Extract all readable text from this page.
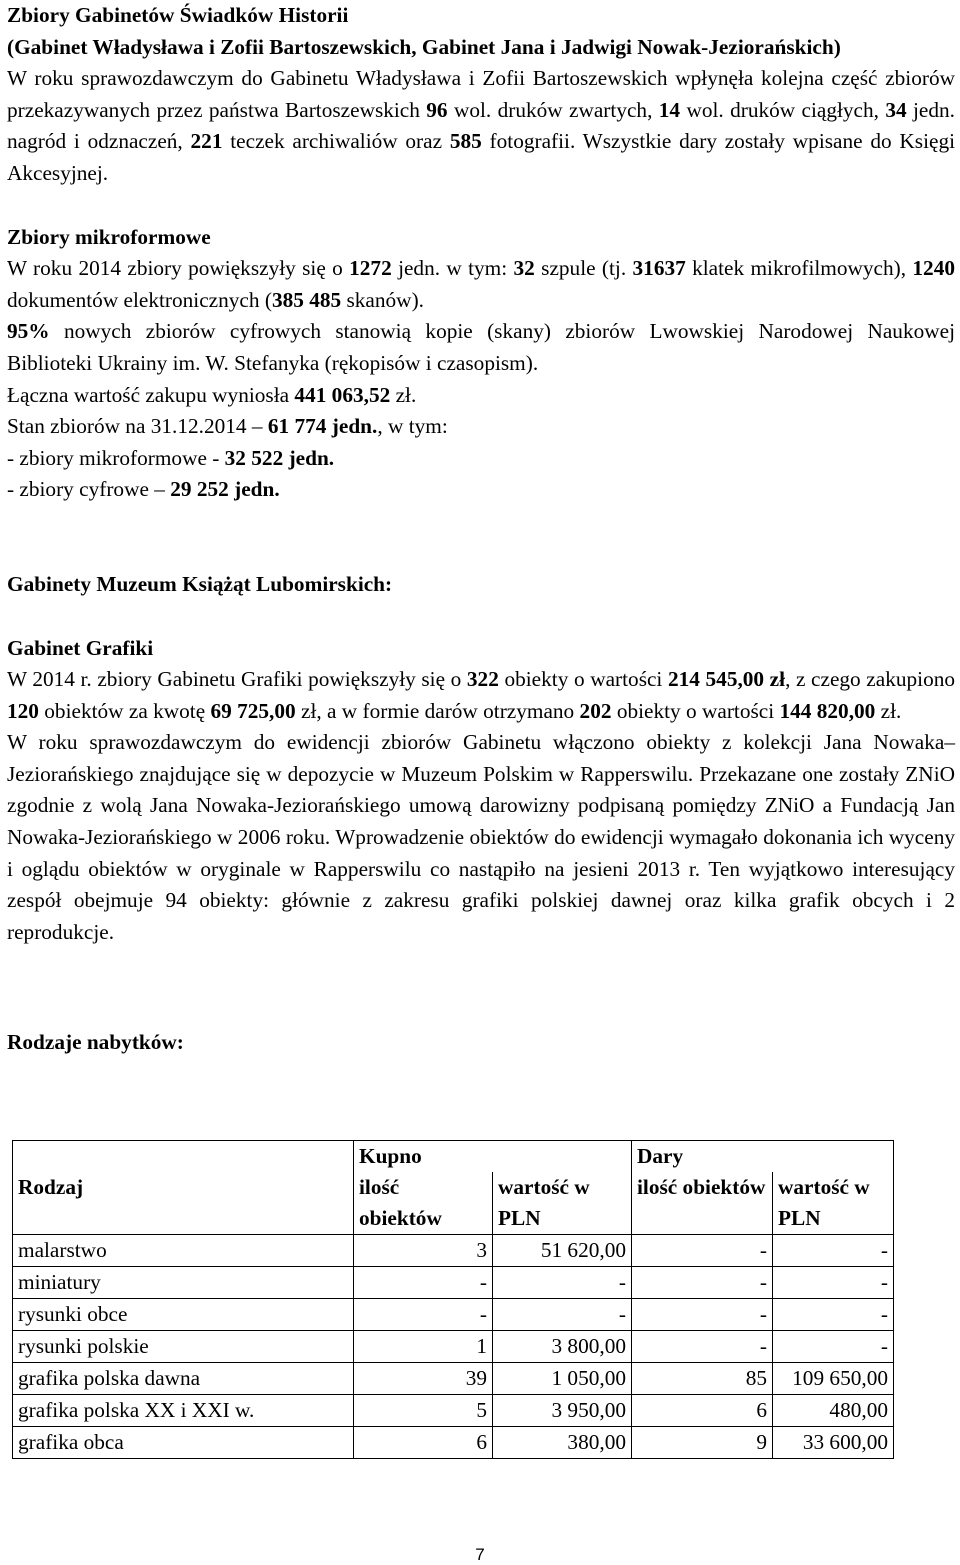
Zbiory Gabinetów Świadków Historii

(Gabinet Władysława i Zofii Bartoszewskich, Gabinet Jana i Jadwigi Nowak-Jeziorańskich)

W roku sprawozdawczym do Gabinetu Władysława i Zofii Bartoszewskich wpłynęła kolejna część zbiorów przekazywanych przez państwa Bartoszewskich 96 wol. druków zwartych, 14 wol. druków ciągłych, 34 jedn. nagród i odznaczeń, 221 teczek archiwaliów oraz 585 fotografii. Wszystkie dary zostały wpisane do Księgi Akcesyjnej.

Zbiory mikroformowe

W roku 2014 zbiory powiększyły się o 1272 jedn. w tym: 32 szpule (tj. 31637 klatek mikrofilmowych), 1240 dokumentów elektronicznych (385 485 skanów).

95% nowych zbiorów cyfrowych stanowią kopie (skany) zbiorów Lwowskiej Narodowej Naukowej Biblioteki Ukrainy im. W. Stefanyka (rękopisów i czasopism).

Łączna wartość zakupu wyniosła 441 063,52 zł.

Stan zbiorów na 31.12.2014 – 61 774 jedn., w tym:

- zbiory mikroformowe - 32 522 jedn.

- zbiory cyfrowe – 29 252 jedn.

Gabinety Muzeum Książąt Lubomirskich:

Gabinet Grafiki

W 2014 r. zbiory Gabinetu Grafiki powiększyły się o 322 obiekty o wartości 214 545,00 zł, z czego zakupiono 120 obiektów za kwotę 69 725,00 zł, a w formie darów otrzymano 202 obiekty o wartości 144 820,00 zł.

W roku sprawozdawczym do ewidencji zbiorów Gabinetu włączono obiekty z kolekcji Jana Nowaka–Jeziorańskiego znajdujące się w depozycie w Muzeum Polskim w Rapperswilu. Przekazane one zostały ZNiO zgodnie z wolą Jana Nowaka-Jeziorańskiego umową darowizny podpisaną pomiędzy ZNiO a Fundacją Jan Nowaka-Jeziorańskiego w 2006 roku. Wprowadzenie obiektów do ewidencji wymagało dokonania ich wyceny i oglądu obiektów w oryginale w Rapperswilu co nastąpiło na jesieni 2013 r. Ten wyjątkowo interesujący zespół obejmuje 94 obiekty: głównie z zakresu grafiki polskiej dawnej oraz kilka grafik obcych i 2 reprodukcje.

Rodzaje nabytków:

Rodzaj	Kupno		Dary	
	ilość obiektów	wartość w PLN	ilość obiektów	wartość w PLN
malarstwo	3	51 620,00	-	-
miniatury	-	-	-	-
rysunki obce	-	-	-	-
rysunki polskie	1	3 800,00	-	-
grafika polska dawna	39	1 050,00	85	109 650,00
grafika polska XX i XXI w.	5	3 950,00	6	480,00
grafika obca	6	380,00	9	33 600,00
7
